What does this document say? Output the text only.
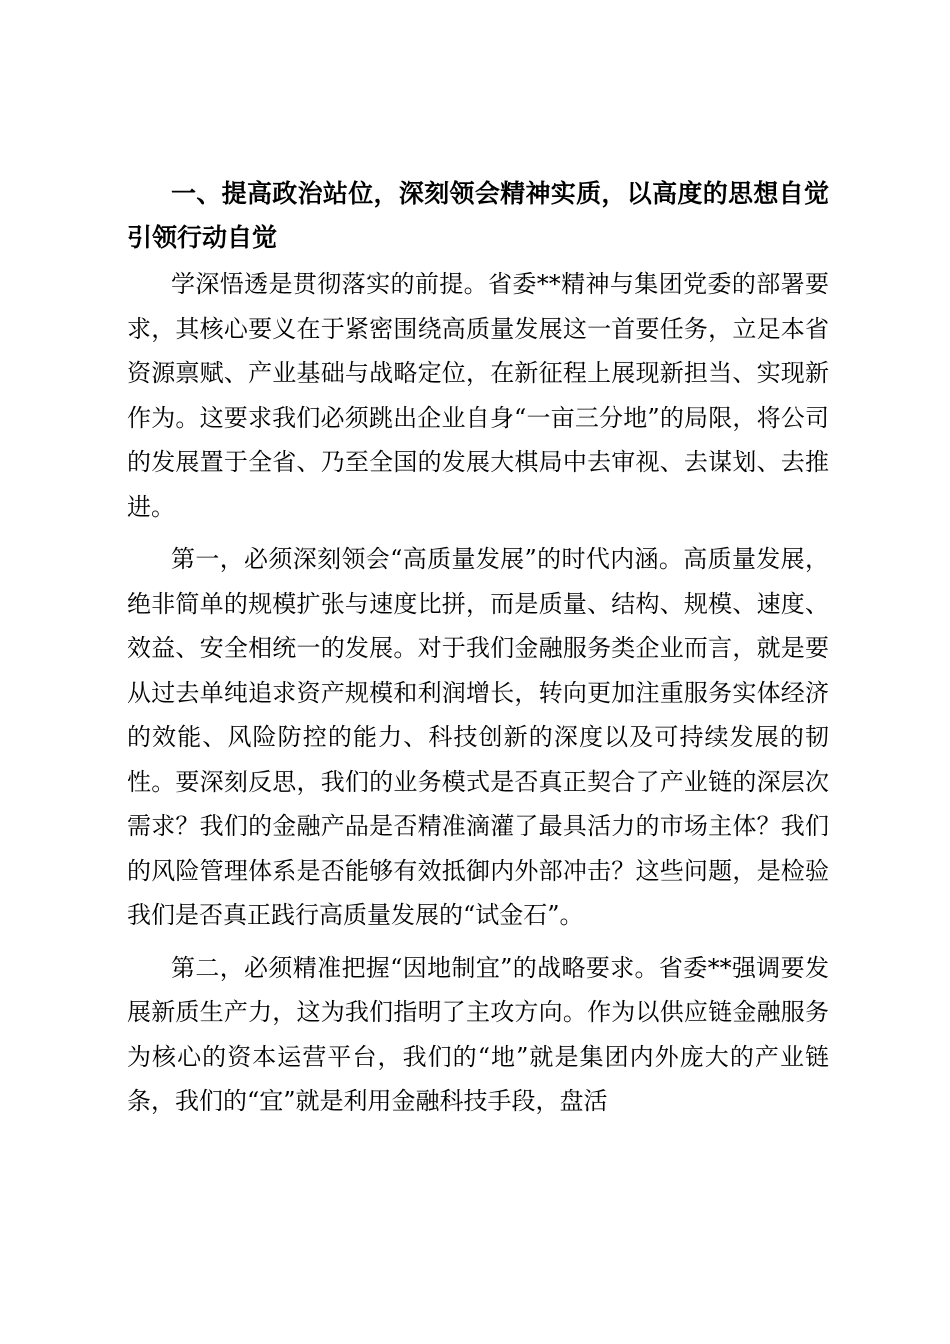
一、提高政治站位，深刻领会精神实质，以高度的思想自觉引领行动自觉

学深悟透是贯彻落实的前提。省委**精神与集团党委的部署要求，其核心要义在于紧密围绕高质量发展这一首要任务，立足本省资源禀赋、产业基础与战略定位，在新征程上展现新担当、实现新作为。这要求我们必须跳出企业自身“一亩三分地”的局限，将公司的发展置于全省、乃至全国的发展大棋局中去审视、去谋划、去推进。

第一，必须深刻领会“高质量发展”的时代内涵。高质量发展，绝非简单的规模扩张与速度比拼，而是质量、结构、规模、速度、效益、安全相统一的发展。对于我们金融服务类企业而言，就是要从过去单纯追求资产规模和利润增长，转向更加注重服务实体经济的效能、风险防控的能力、科技创新的深度以及可持续发展的韧性。要深刻反思，我们的业务模式是否真正契合了产业链的深层次需求？我们的金融产品是否精准滴灌了最具活力的市场主体？我们的风险管理体系是否能够有效抵御内外部冲击？这些问题，是检验我们是否真正践行高质量发展的“试金石”。

第二，必须精准把握“因地制宜”的战略要求。省委**强调要发展新质生产力，这为我们指明了主攻方向。作为以供应链金融服务为核心的资本运营平台，我们的“地”就是集团内外庞大的产业链条，我们的“宜”就是利用金融科技手段，盘活
